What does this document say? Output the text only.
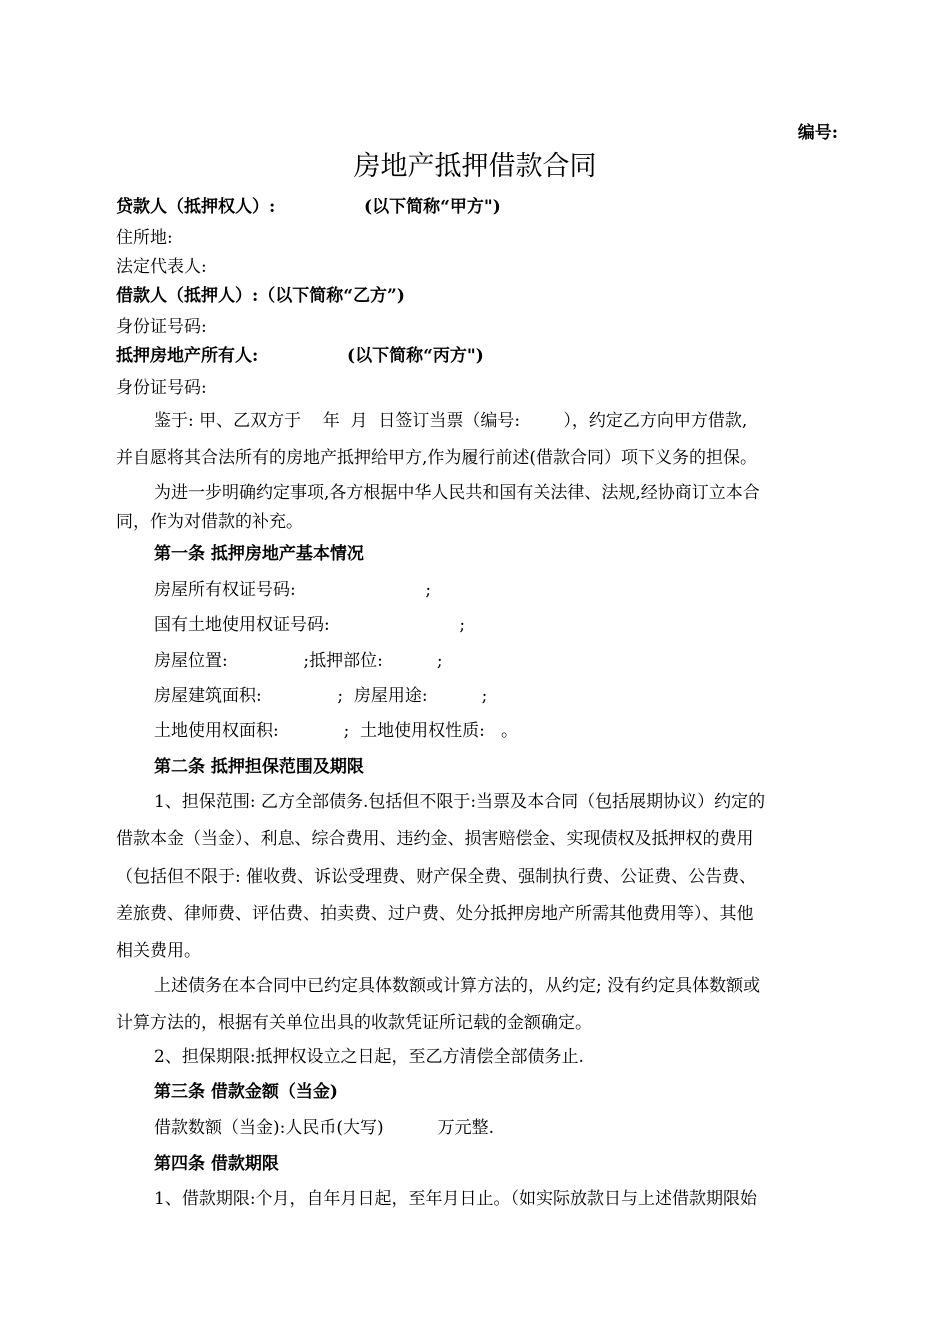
编号:
房地产抵押借款合同
贷款人（抵押权人）:               (以下简称“甲方")
住所地:
法定代表人:
借款人（抵押人）:（以下简称“乙方”)
身份证号码:
抵押房地产所有人:               (以下简称“丙方")
身份证号码:
鉴于: 甲、乙双方于    年  月  日签订当票（编号:        ），约定乙方向甲方借款,
并自愿将其合法所有的房地产抵押给甲方,作为履行前述(借款合同）项下义务的担保。
为进一步明确约定事项,各方根据中华人民共和国有关法律、法规,经协商订立本合
同，作为对借款的补充。
第一条 抵押房地产基本情况
房屋所有权证号码:                        ;
国有土地使用权证号码:                        ;
房屋位置:              ;抵押部位:          ;
房屋建筑面积:              ;  房屋用途:          ;
土地使用权面积:            ;  土地使用权性质:   。
第二条 抵押担保范围及期限
1、担保范围: 乙方全部债务.包括但不限于:当票及本合同（包括展期协议）约定的
借款本金（当金）、利息、综合费用、违约金、损害赔偿金、实现债权及抵押权的费用
（包括但不限于: 催收费、诉讼受理费、财产保全费、强制执行费、公证费、公告费、
差旅费、律师费、评估费、拍卖费、过户费、处分抵押房地产所需其他费用等）、其他
相关费用。
上述债务在本合同中已约定具体数额或计算方法的，从约定; 没有约定具体数额或
计算方法的，根据有关单位出具的收款凭证所记载的金额确定。
2、担保期限:抵押权设立之日起，至乙方清偿全部债务止.
第三条 借款金额（当金)
借款数额（当金):人民币(大写)          万元整.
第四条 借款期限
1、借款期限:个月，自年月日起，至年月日止。（如实际放款日与上述借款期限始
